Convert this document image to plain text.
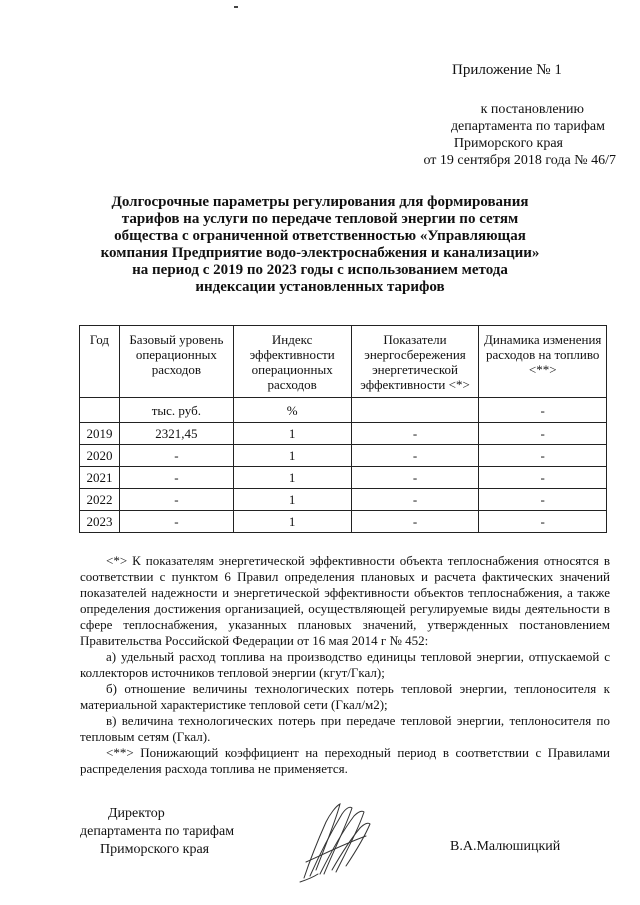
Приложение № 1
к постановлению
департамента по тарифам
Приморского края
от 19 сентября 2018 года № 46/7
Долгосрочные параметры регулирования для формирования
тарифов на услуги по передаче тепловой энергии по сетям
общества с ограниченной ответственностью «Управляющая
компания Предприятие водо-электроснабжения и канализации»
на период с 2019 по 2023 годы с использованием метода
индексации установленных тарифов
Год	Базовый уровень операционных расходов	Индекс эффективности операционных расходов	Показатели энергосбережения энергетической эффективности <*>	Динамика изменения расходов на топливо <**>
	тыс. руб.	%		-
2019	2321,45	1	-	-
2020	-	1	-	-
2021	-	1	-	-
2022	-	1	-	-
2023	-	1	-	-

<*> К показателям энергетической эффективности объекта теплоснабжения относятся в соответствии с пунктом 6 Правил определения плановых и расчета фактических значений показателей надежности и энергетической эффективности объектов теплоснабжения, а также определения достижения организацией, осуществляющей регулируемые виды деятельности в сфере теплоснабжения, указанных плановых значений, утвержденных постановлением Правительства Российской Федерации от 16 мая 2014 г № 452:

а) удельный расход топлива на производство единицы тепловой энергии, отпускаемой с коллекторов источников тепловой энергии (кгут/Гкал);

б) отношение величины технологических потерь тепловой энергии, теплоносителя к материальной характеристике тепловой сети (Гкал/м2);

в) величина технологических потерь при передаче тепловой энергии, теплоносителя по тепловым сетям (Гкал).

<**> Понижающий коэффициент на переходный период в соответствии с Правилами распределения расхода топлива не применяется.

Директор
департамента по тарифам
Приморского края	В.А.Малюшицкий
